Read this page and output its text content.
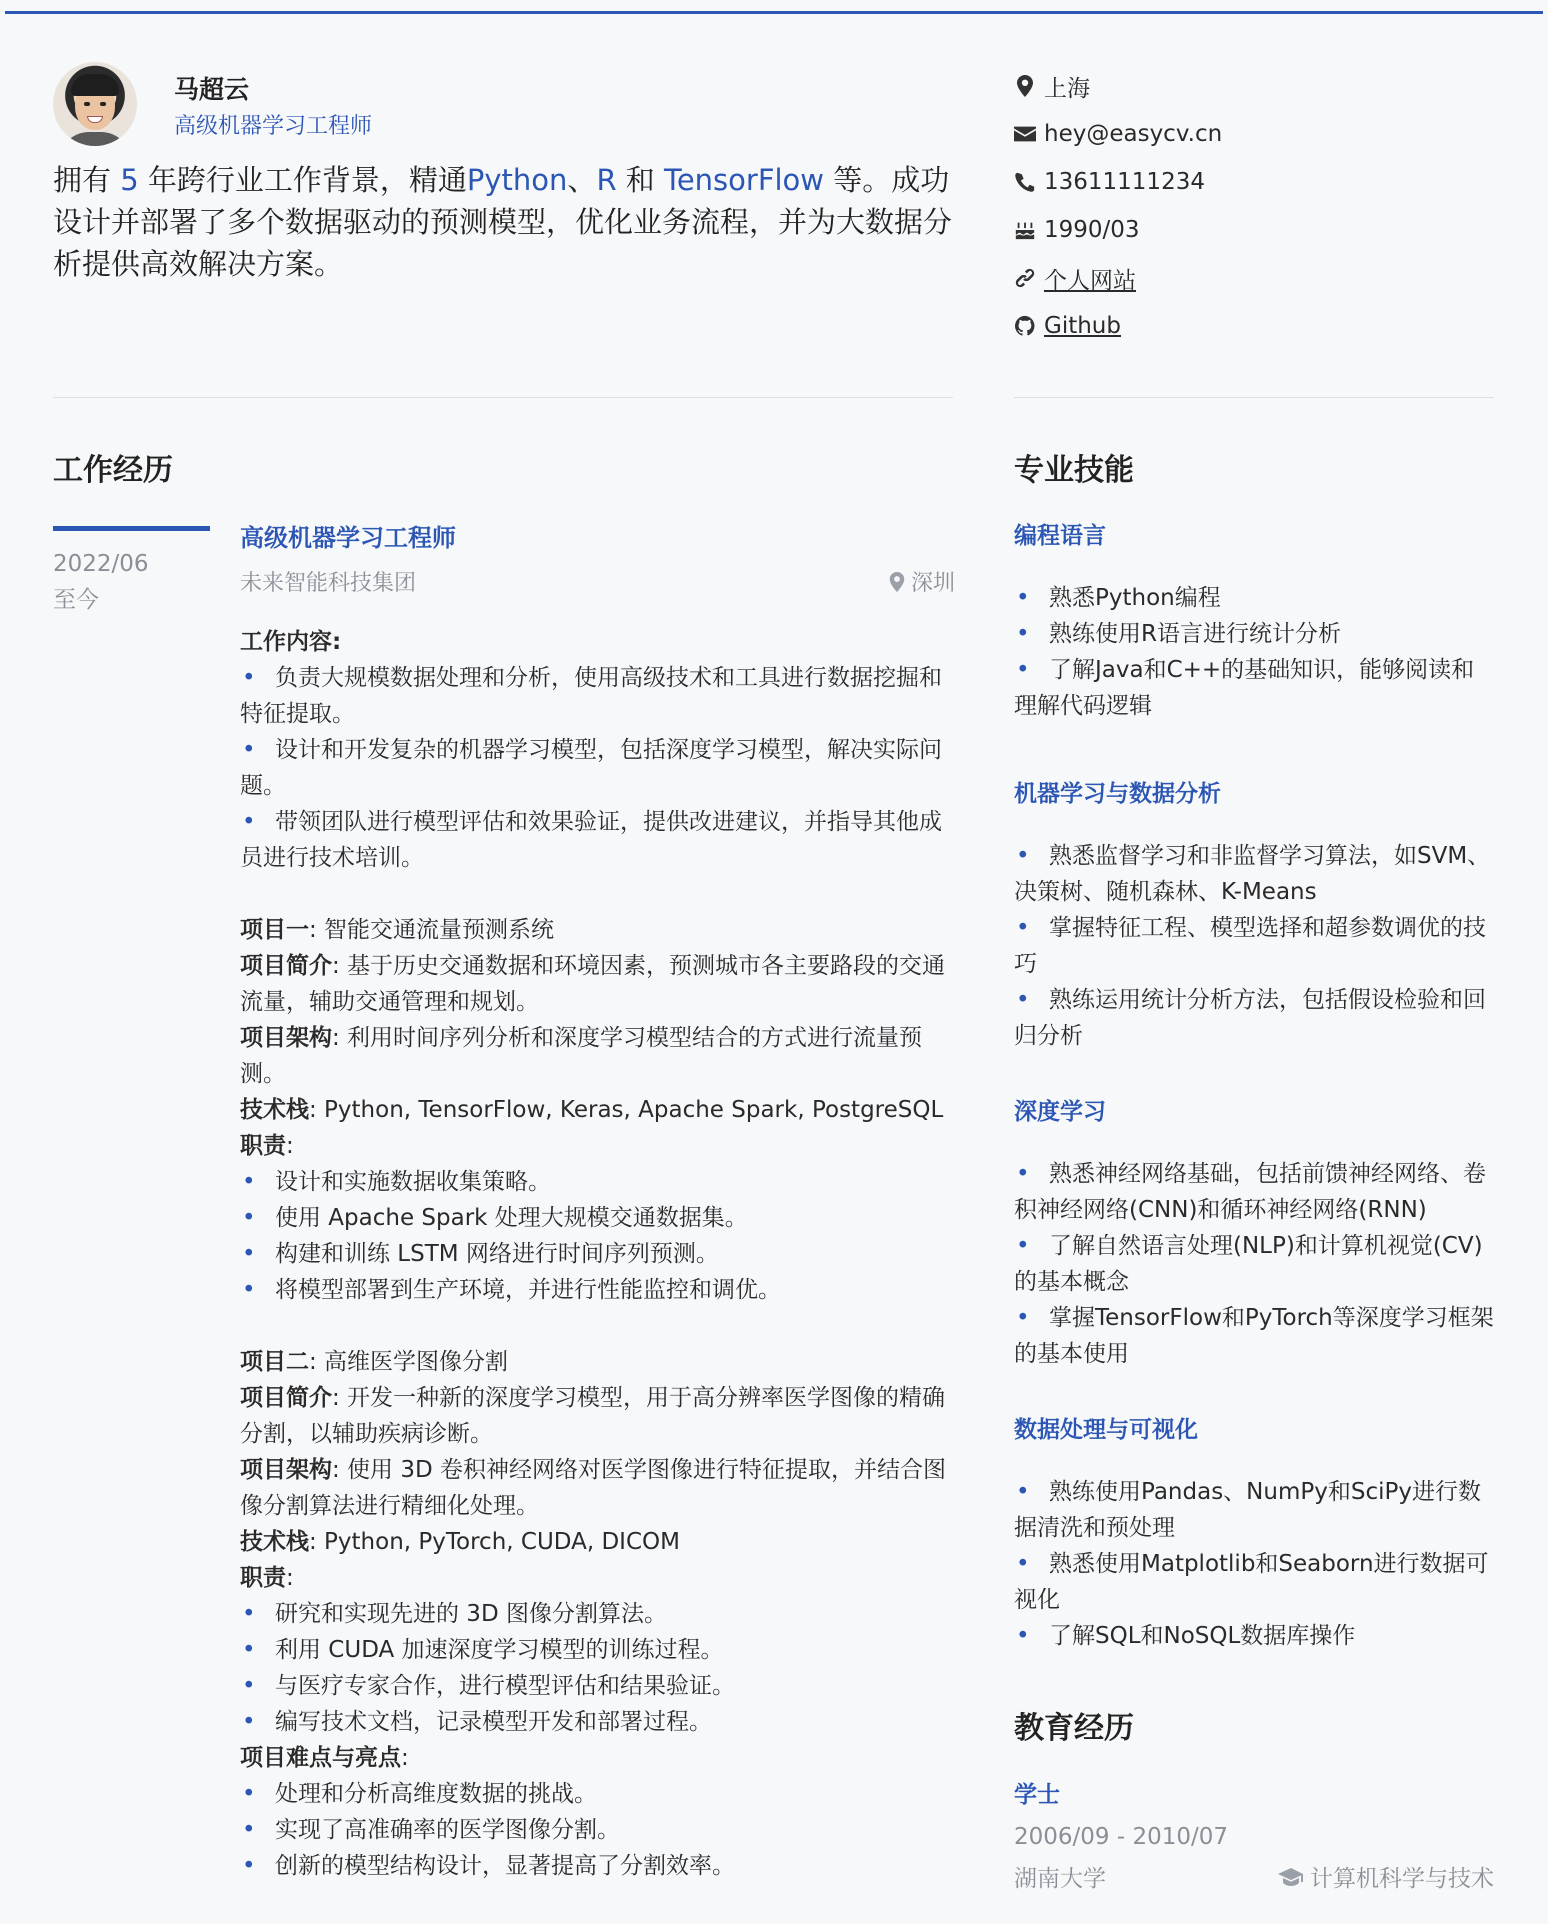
马超云
高级机器学习工程师
拥有 5 年跨行业工作背景，精通Python、R 和 TensorFlow 等。成功设计并部署了多个数据驱动的预测模型，优化业务流程，并为大数据分析提供高效解决方案。
工作经历
2022/06
至今
高级机器学习工程师
未来智能科技集团	深圳
工作内容:
• 负责大规模数据处理和分析，使用高级技术和工具进行数据挖掘和特征提取。
• 设计和开发复杂的机器学习模型，包括深度学习模型，解决实际问题。
• 带领团队进行模型评估和效果验证，提供改进建议，并指导其他成员进行技术培训。
项目一: 智能交通流量预测系统
项目简介: 基于历史交通数据和环境因素，预测城市各主要路段的交通流量，辅助交通管理和规划。
项目架构: 利用时间序列分析和深度学习模型结合的方式进行流量预测。
技术栈: Python, TensorFlow, Keras, Apache Spark, PostgreSQL
职责:
• 设计和实施数据收集策略。
• 使用 Apache Spark 处理大规模交通数据集。
• 构建和训练 LSTM 网络进行时间序列预测。
• 将模型部署到生产环境，并进行性能监控和调优。
项目二: 高维医学图像分割
项目简介: 开发一种新的深度学习模型，用于高分辨率医学图像的精确分割，以辅助疾病诊断。
项目架构: 使用 3D 卷积神经网络对医学图像进行特征提取，并结合图像分割算法进行精细化处理。
技术栈: Python, PyTorch, CUDA, DICOM
职责:
• 研究和实现先进的 3D 图像分割算法。
• 利用 CUDA 加速深度学习模型的训练过程。
• 与医疗专家合作，进行模型评估和结果验证。
• 编写技术文档，记录模型开发和部署过程。
项目难点与亮点:
• 处理和分析高维度数据的挑战。
• 实现了高准确率的医学图像分割。
• 创新的模型结构设计，显著提高了分割效率。
上海
hey@easycv.cn
13611111234
1990/03
个人网站
Github
专业技能
编程语言
• 熟悉Python编程
• 熟练使用R语言进行统计分析
• 了解Java和C++的基础知识，能够阅读和理解代码逻辑
机器学习与数据分析
• 熟悉监督学习和非监督学习算法，如SVM、决策树、随机森林、K-Means
• 掌握特征工程、模型选择和超参数调优的技巧
• 熟练运用统计分析方法，包括假设检验和回归分析
深度学习
• 熟悉神经网络基础，包括前馈神经网络、卷积神经网络(CNN)和循环神经网络(RNN)
• 了解自然语言处理(NLP)和计算机视觉(CV)的基本概念
• 掌握TensorFlow和PyTorch等深度学习框架的基本使用
数据处理与可视化
• 熟练使用Pandas、NumPy和SciPy进行数据清洗和预处理
• 熟悉使用Matplotlib和Seaborn进行数据可视化
• 了解SQL和NoSQL数据库操作
教育经历
学士
2006/09 - 2010/07
湖南大学	计算机科学与技术
